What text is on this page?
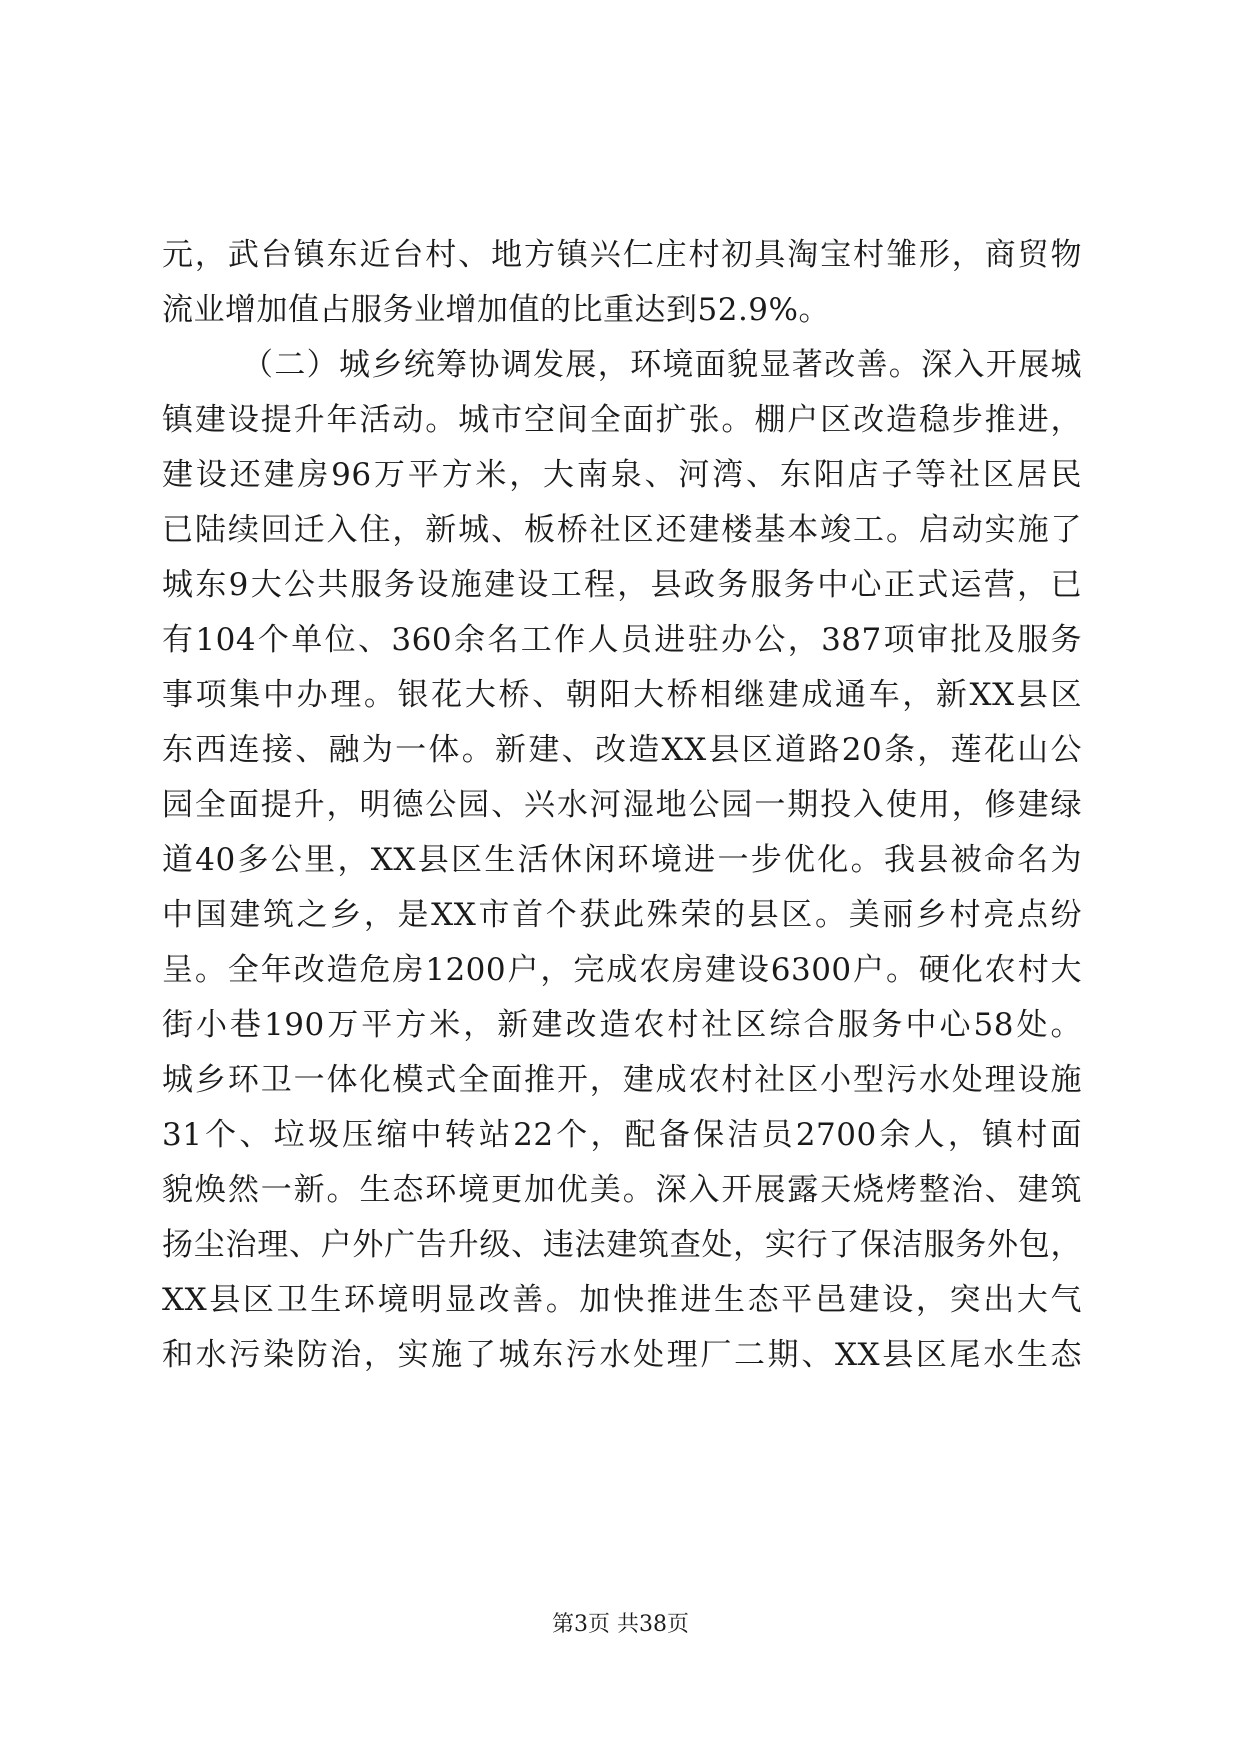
元，武台镇东近台村、地方镇兴仁庄村初具淘宝村雏形，商贸物
流业增加值占服务业增加值的比重达到52.9%。
（二）城乡统筹协调发展，环境面貌显著改善。深入开展城
镇建设提升年活动。城市空间全面扩张。棚户区改造稳步推进，
建设还建房96万平方米，大南泉、河湾、东阳店子等社区居民
已陆续回迁入住，新城、板桥社区还建楼基本竣工。启动实施了
城东9大公共服务设施建设工程，县政务服务中心正式运营，已
有104个单位、360余名工作人员进驻办公，387项审批及服务
事项集中办理。银花大桥、朝阳大桥相继建成通车，新XX县区
东西连接、融为一体。新建、改造XX县区道路20条，莲花山公
园全面提升，明德公园、兴水河湿地公园一期投入使用，修建绿
道40多公里，XX县区生活休闲环境进一步优化。我县被命名为
中国建筑之乡，是XX市首个获此殊荣的县区。美丽乡村亮点纷
呈。全年改造危房1200户，完成农房建设6300户。硬化农村大
街小巷190万平方米，新建改造农村社区综合服务中心58处。
城乡环卫一体化模式全面推开，建成农村社区小型污水处理设施
31个、垃圾压缩中转站22个，配备保洁员2700余人，镇村面
貌焕然一新。生态环境更加优美。深入开展露天烧烤整治、建筑
扬尘治理、户外广告升级、违法建筑查处，实行了保洁服务外包，
XX县区卫生环境明显改善。加快推进生态平邑建设，突出大气
和水污染防治，实施了城东污水处理厂二期、XX县区尾水生态
第3页 共38页
